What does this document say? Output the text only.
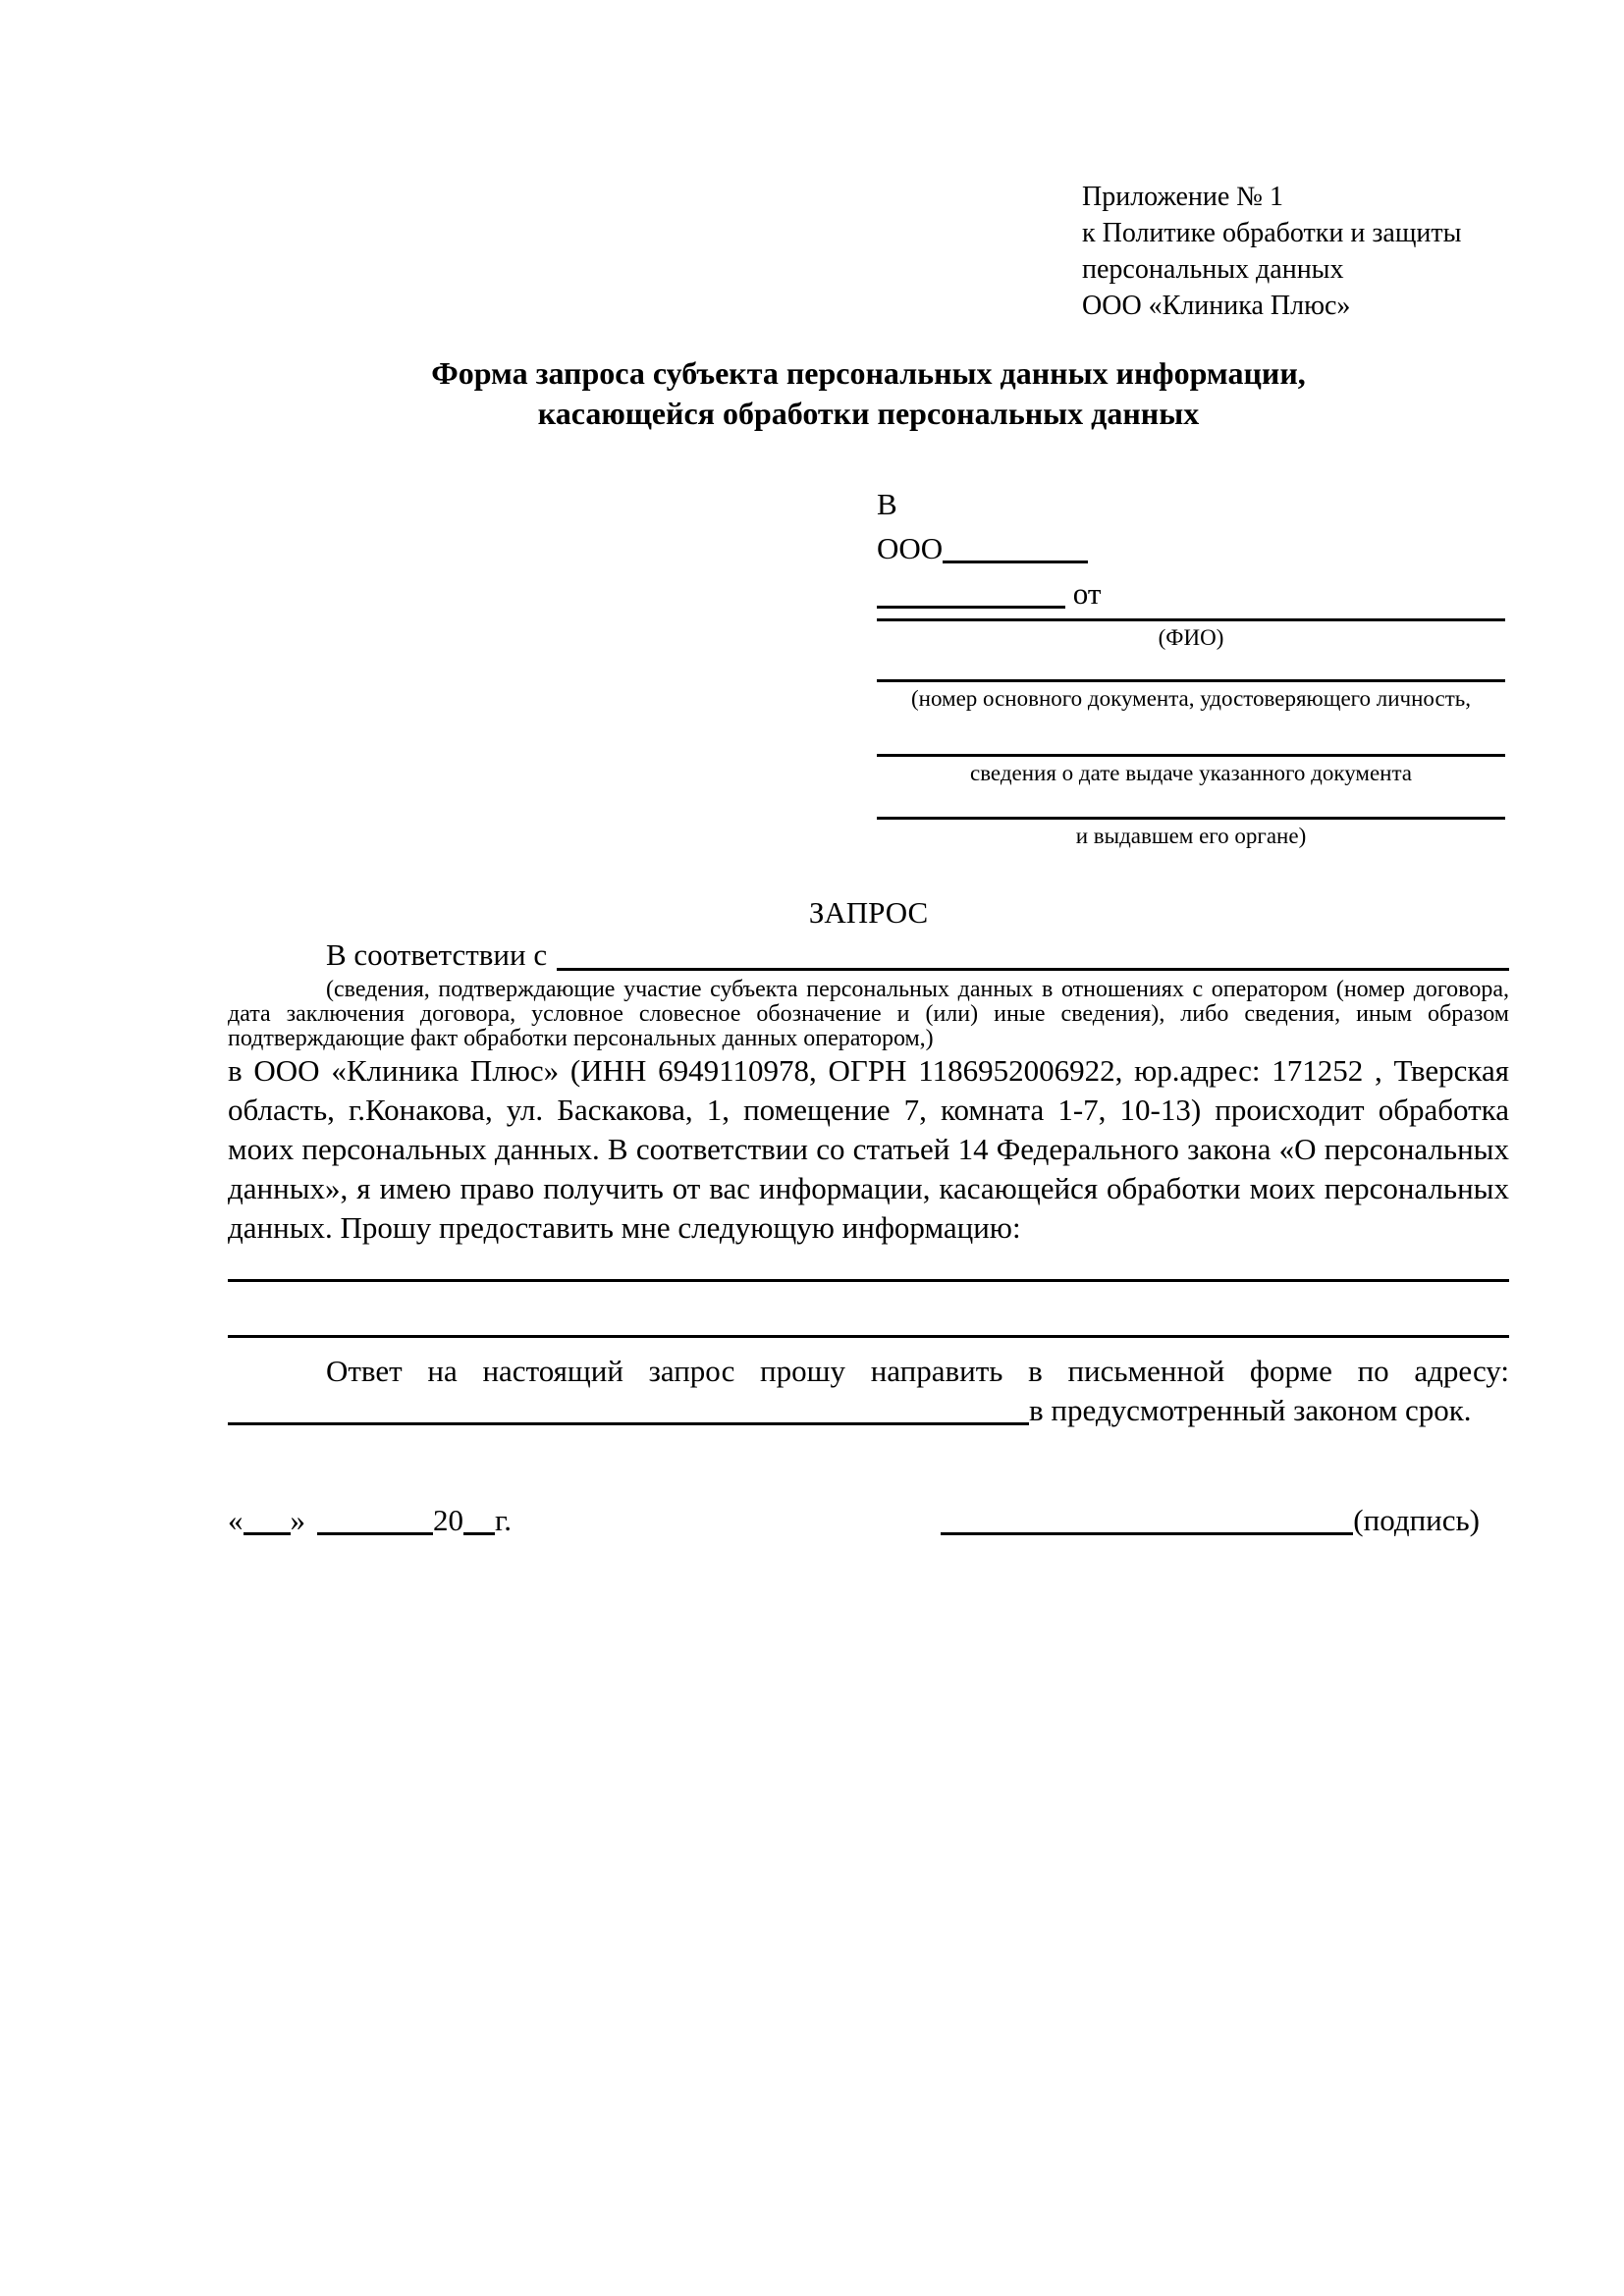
Приложение № 1
к Политике обработки и защиты
персональных данных
ООО «Клиника Плюс»
Форма запроса субъекта персональных данных информации,
касающейся обработки персональных данных
В
ООО
от
(ФИО)
(номер основного документа, удостоверяющего личность,
сведения о дате выдаче указанного документа
и выдавшем его органе)
ЗАПРОС
В соответствии с

(сведения, подтверждающие участие субъекта персональных данных в отношениях с оператором (номер договора, дата заключения договора, условное словесное обозначение и (или) иные сведения), либо сведения, иным образом подтверждающие факт обработки персональных данных оператором,)

в ООО «Клиника Плюс» (ИНН 6949110978, ОГРН 1186952006922, юр.адрес: 171252 , Тверская область, г.Конакова, ул. Баскакова, 1, помещение 7, комната 1-7, 10-13) происходит обработка моих персональных данных. В соответствии со статьей 14 Федерального закона «О персональных данных», я имею право получить от вас информации, касающейся обработки моих персональных данных. Прошу предоставить мне следующую информацию:

Ответ на настоящий запрос прошу направить в письменной форме по адресу: в предусмотренный законом срок.

« »	20 г.	(подпись)
